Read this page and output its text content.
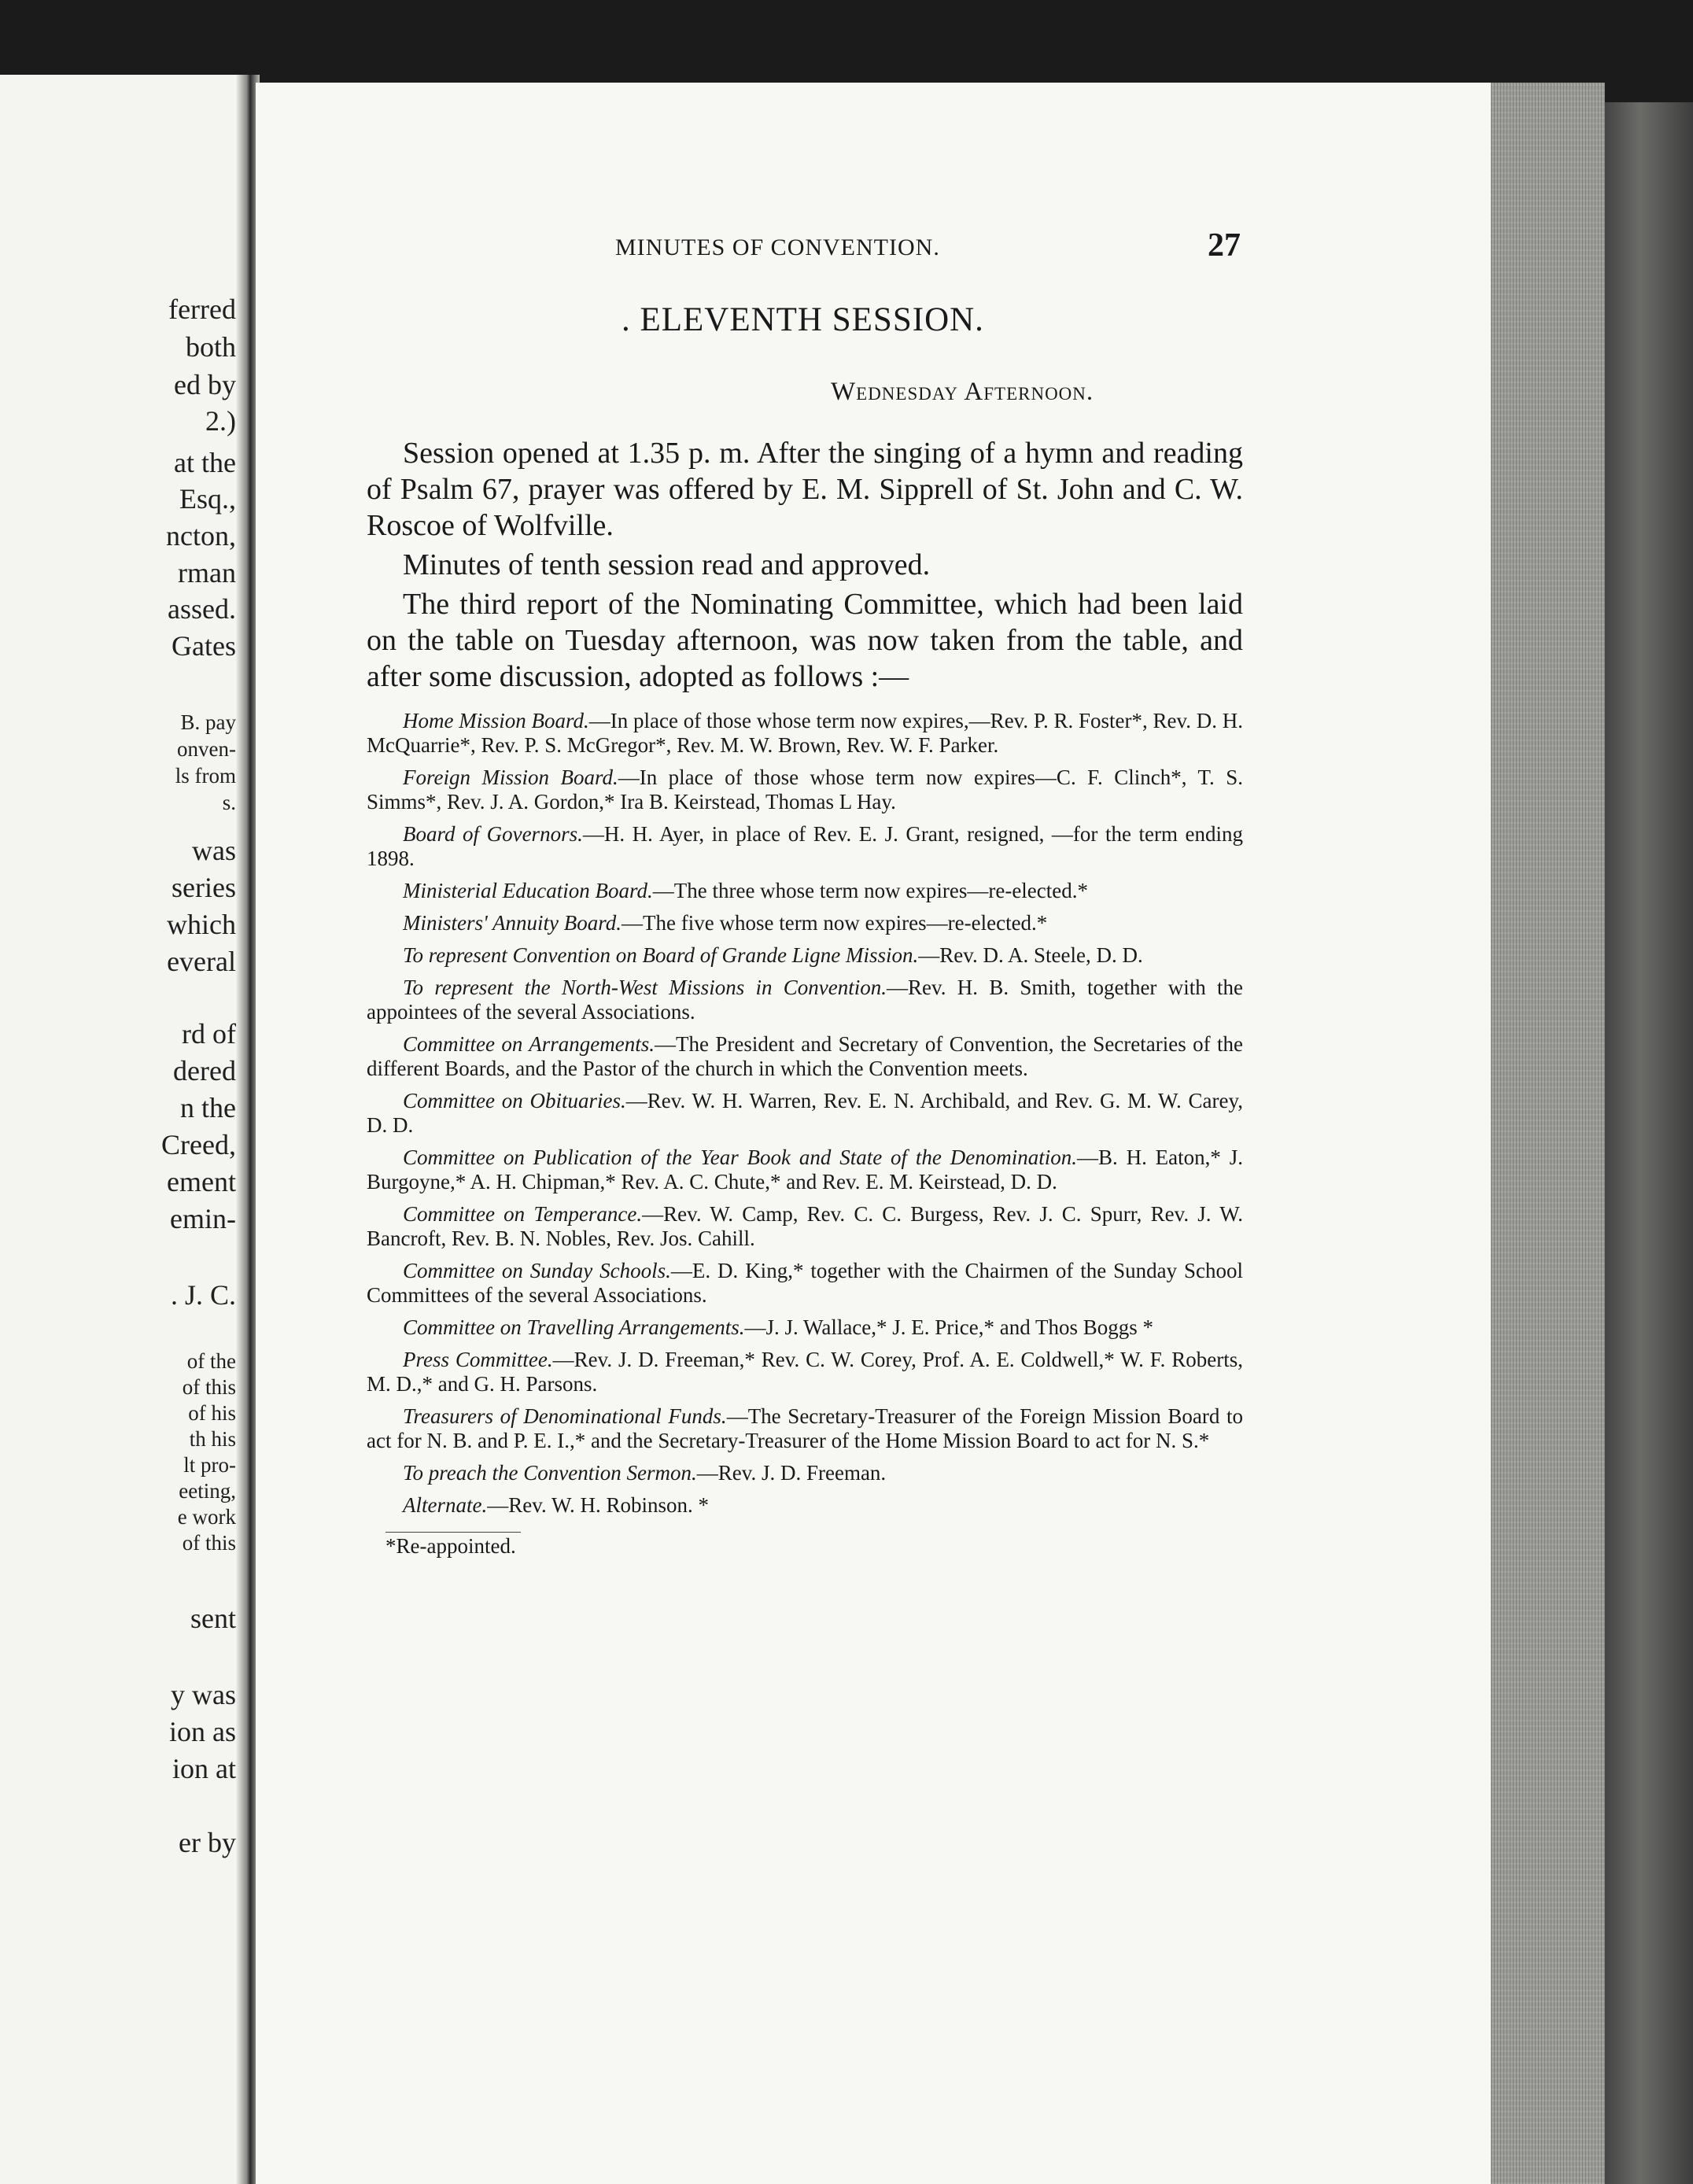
ferred

both

ed by

2.)

at the

Esq.,

ncton,

rman

assed.

Gates

B. pay

onven-

ls from

s.

was

series

which

everal

rd of

dered

n the

Creed,

ement

emin-

. J. C.

of the

of this

of his

th his

lt pro-

eeting,

e work

of this

sent

y was

ion as

ion at

er by

MINUTES OF CONVENTION.	27
. ELEVENTH SESSION.
Wednesday Afternoon.

Session opened at 1.35 p. m. After the singing of a hymn and reading of Psalm 67, prayer was offered by E. M. Sipprell of St. John and C. W. Roscoe of Wolfville.

Minutes of tenth session read and approved.

The third report of the Nominating Committee, which had been laid on the table on Tuesday afternoon, was now taken from the table, and after some discussion, adopted as follows :—

Home Mission Board.—In place of those whose term now expires,—Rev. P. R. Foster*, Rev. D. H. McQuarrie*, Rev. P. S. McGregor*, Rev. M. W. Brown, Rev. W. F. Parker.

Foreign Mission Board.—In place of those whose term now expires—C. F. Clinch*, T. S. Simms*, Rev. J. A. Gordon,* Ira B. Keirstead, Thomas L Hay.

Board of Governors.—H. H. Ayer, in place of Rev. E. J. Grant, resigned, —for the term ending 1898.

Ministerial Education Board.—The three whose term now expires—re-elected.*

Ministers' Annuity Board.—The five whose term now expires—re-elected.*

To represent Convention on Board of Grande Ligne Mission.—Rev. D. A. Steele, D. D.

To represent the North-West Missions in Convention.—Rev. H. B. Smith, together with the appointees of the several Associations.

Committee on Arrangements.—The President and Secretary of Convention, the Secretaries of the different Boards, and the Pastor of the church in which the Convention meets.

Committee on Obituaries.—Rev. W. H. Warren, Rev. E. N. Archibald, and Rev. G. M. W. Carey, D. D.

Committee on Publication of the Year Book and State of the Denomination.—B. H. Eaton,* J. Burgoyne,* A. H. Chipman,* Rev. A. C. Chute,* and Rev. E. M. Keirstead, D. D.

Committee on Temperance.—Rev. W. Camp, Rev. C. C. Burgess, Rev. J. C. Spurr, Rev. J. W. Bancroft, Rev. B. N. Nobles, Rev. Jos. Cahill.

Committee on Sunday Schools.—E. D. King,* together with the Chairmen of the Sunday School Committees of the several Associations.

Committee on Travelling Arrangements.—J. J. Wallace,* J. E. Price,* and Thos Boggs *

Press Committee.—Rev. J. D. Freeman,* Rev. C. W. Corey, Prof. A. E. Coldwell,* W. F. Roberts, M. D.,* and G. H. Parsons.

Treasurers of Denominational Funds.—The Secretary-Treasurer of the Foreign Mission Board to act for N. B. and P. E. I.,* and the Secretary-Treasurer of the Home Mission Board to act for N. S.*

To preach the Convention Sermon.—Rev. J. D. Freeman.

Alternate.—Rev. W. H. Robinson. *

*Re-appointed.
